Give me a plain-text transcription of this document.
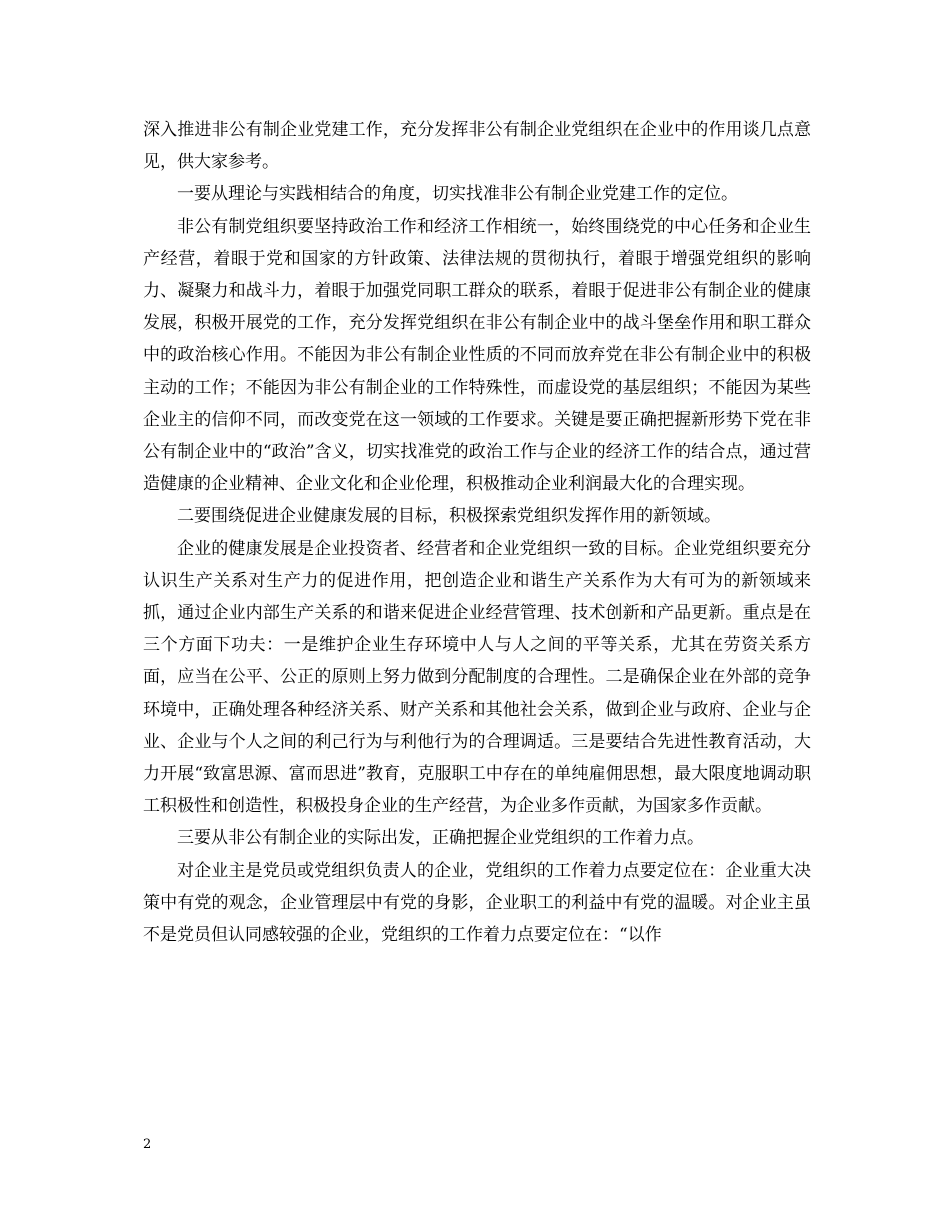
深入推进非公有制企业党建工作，充分发挥非公有制企业党组织在企业中的作用谈几点意见，供大家参考。

一要从理论与实践相结合的角度，切实找准非公有制企业党建工作的定位。

非公有制党组织要坚持政治工作和经济工作相统一，始终围绕党的中心任务和企业生产经营，着眼于党和国家的方针政策、法律法规的贯彻执行，着眼于增强党组织的影响力、凝聚力和战斗力，着眼于加强党同职工群众的联系，着眼于促进非公有制企业的健康发展，积极开展党的工作，充分发挥党组织在非公有制企业中的战斗堡垒作用和职工群众中的政治核心作用。不能因为非公有制企业性质的不同而放弃党在非公有制企业中的积极主动的工作；不能因为非公有制企业的工作特殊性，而虚设党的基层组织；不能因为某些企业主的信仰不同，而改变党在这一领域的工作要求。关键是要正确把握新形势下党在非公有制企业中的“政治”含义，切实找准党的政治工作与企业的经济工作的结合点，通过营造健康的企业精神、企业文化和企业伦理，积极推动企业利润最大化的合理实现。

二要围绕促进企业健康发展的目标，积极探索党组织发挥作用的新领域。

企业的健康发展是企业投资者、经营者和企业党组织一致的目标。企业党组织要充分认识生产关系对生产力的促进作用，把创造企业和谐生产关系作为大有可为的新领域来抓，通过企业内部生产关系的和谐来促进企业经营管理、技术创新和产品更新。重点是在三个方面下功夫：一是维护企业生存环境中人与人之间的平等关系，尤其在劳资关系方面，应当在公平、公正的原则上努力做到分配制度的合理性。二是确保企业在外部的竞争环境中，正确处理各种经济关系、财产关系和其他社会关系，做到企业与政府、企业与企业、企业与个人之间的利己行为与利他行为的合理调适。三是要结合先进性教育活动，大力开展“致富思源、富而思进”教育，克服职工中存在的单纯雇佣思想，最大限度地调动职工积极性和创造性，积极投身企业的生产经营，为企业多作贡献，为国家多作贡献。

三要从非公有制企业的实际出发，正确把握企业党组织的工作着力点。

对企业主是党员或党组织负责人的企业，党组织的工作着力点要定位在：企业重大决策中有党的观念，企业管理层中有党的身影，企业职工的利益中有党的温暖。对企业主虽不是党员但认同感较强的企业，党组织的工作着力点要定位在：“以作

2
